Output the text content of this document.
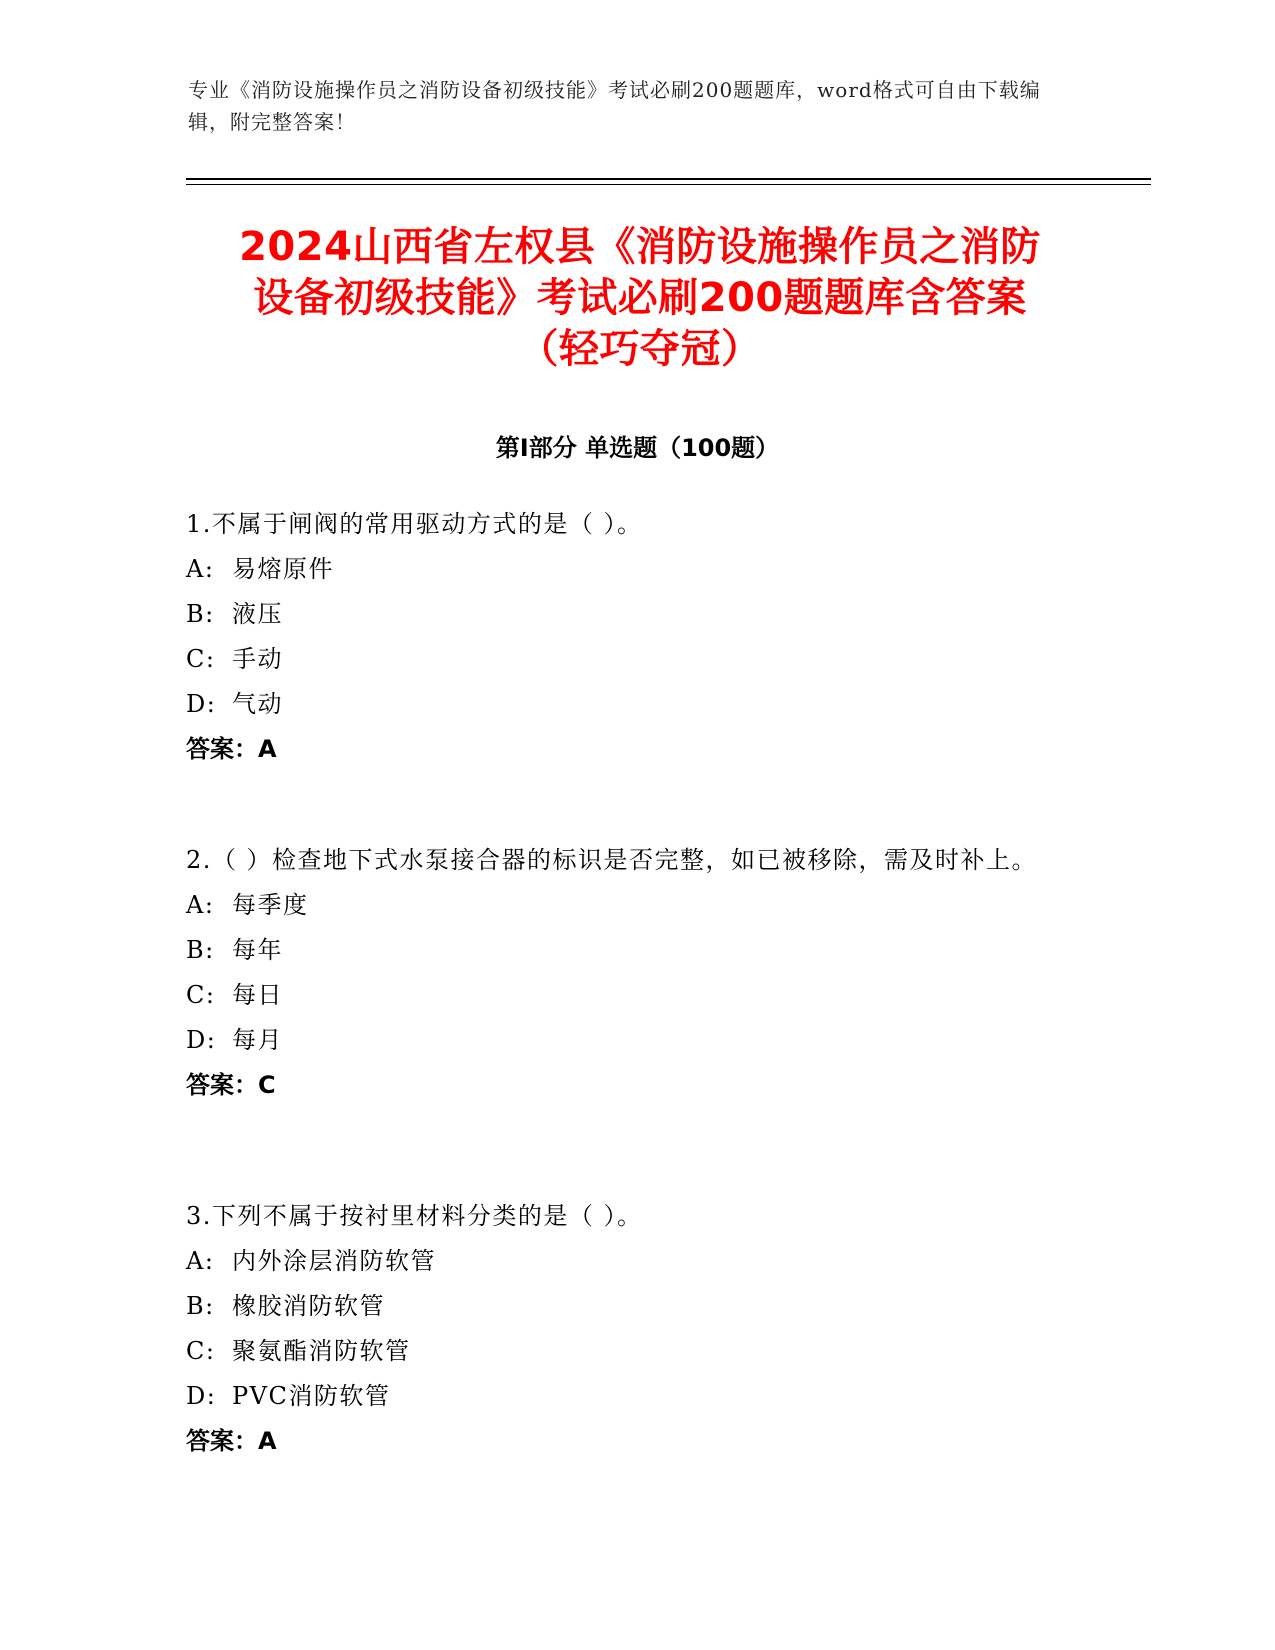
专业《消防设施操作员之消防设备初级技能》考试必刷200题题库，word格式可自由下载编辑，附完整答案！
2024山西省左权县《消防设施操作员之消防
设备初级技能》考试必刷200题题库含答案
（轻巧夺冠）
第Ⅰ部分 单选题（100题）

1.不属于闸阀的常用驱动方式的是（ ）。

A: 易熔原件

B: 液压

C: 手动

D: 气动

答案：A

2.（ ）检查地下式水泵接合器的标识是否完整，如已被移除，需及时补上。

A: 每季度

B: 每年

C: 每日

D: 每月

答案：C

3.下列不属于按衬里材料分类的是（ ）。

A: 内外涂层消防软管

B: 橡胶消防软管

C: 聚氨酯消防软管

D: PVC消防软管

答案：A
